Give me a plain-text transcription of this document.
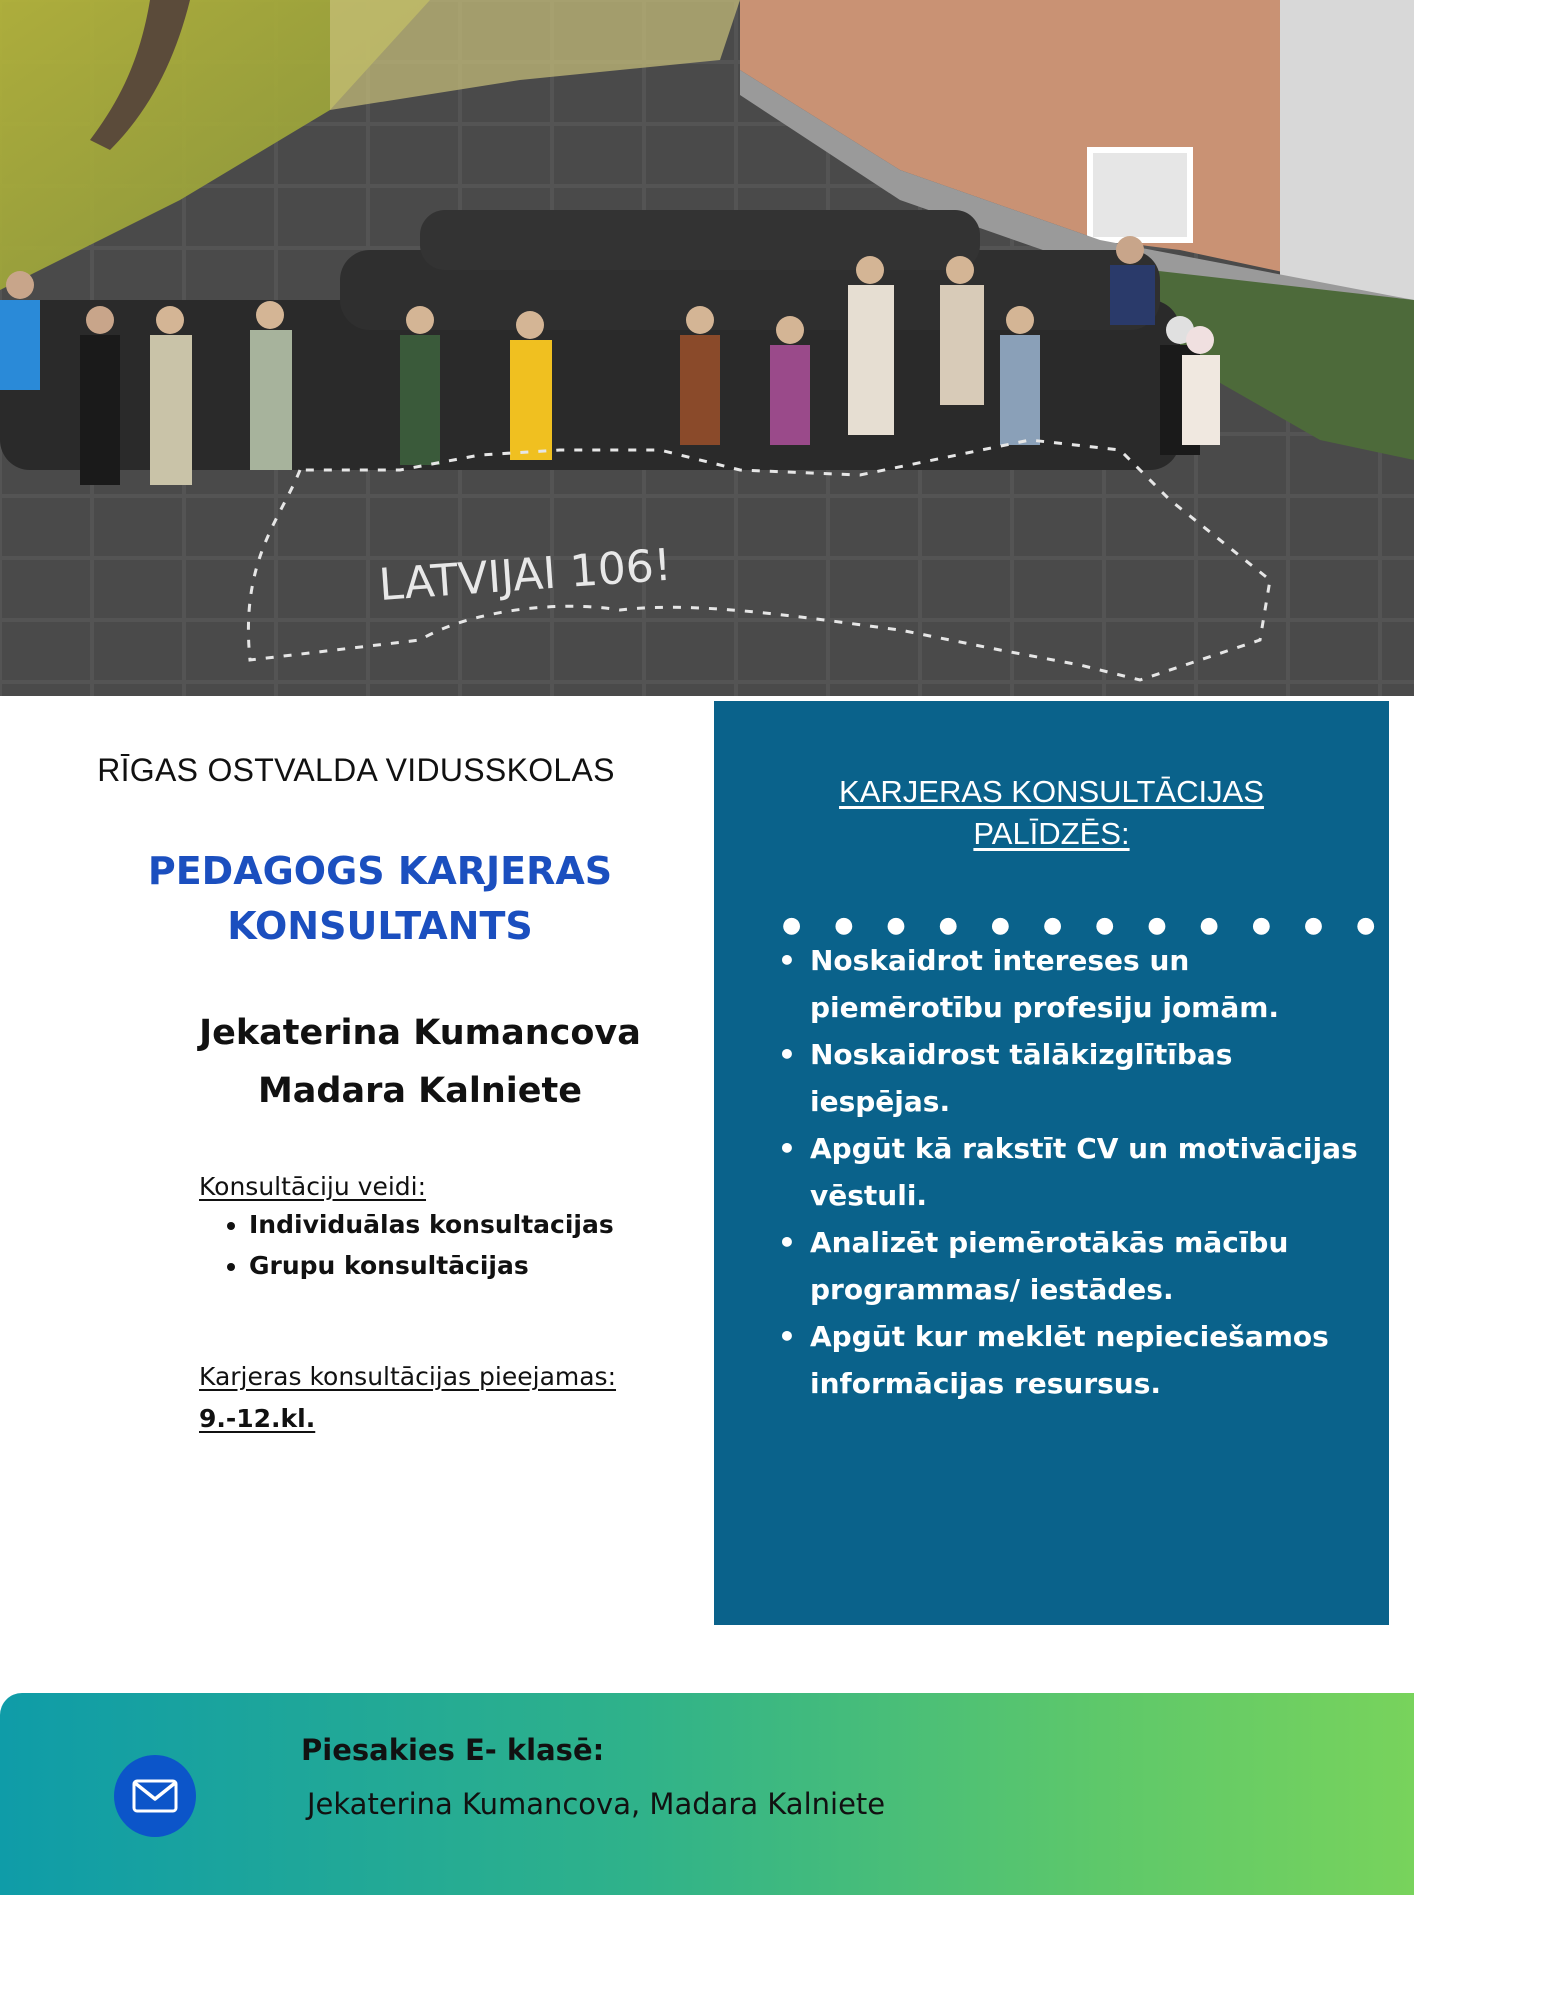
LATVIJAI 106!
RĪGAS OSTVALDA VIDUSSKOLAS
PEDAGOGS KARJERAS
KONSULTANTS
Jekaterina Kumancova
Madara Kalniete
Konsultāciju veidi:
• Individuālas konsultacijas
• Grupu konsultācijas
Karjeras konsultācijas pieejamas:
9.-12.kl.
KARJERAS KONSULTĀCIJAS
PALĪDZĒS:
● ● ● ● ● ● ● ● ● ● ● ● ● ● ●
• Noskaidrot intereses un piemērotību profesiju jomām.
• Noskaidrost tālākizglītības iespējas.
• Apgūt kā rakstīt CV un motivācijas vēstuli.
• Analizēt piemērotākās mācību programmas/ iestādes.
• Apgūt kur meklēt nepieciešamos informācijas resursus.
Piesakies E- klasē:
Jekaterina Kumancova, Madara Kalniete
